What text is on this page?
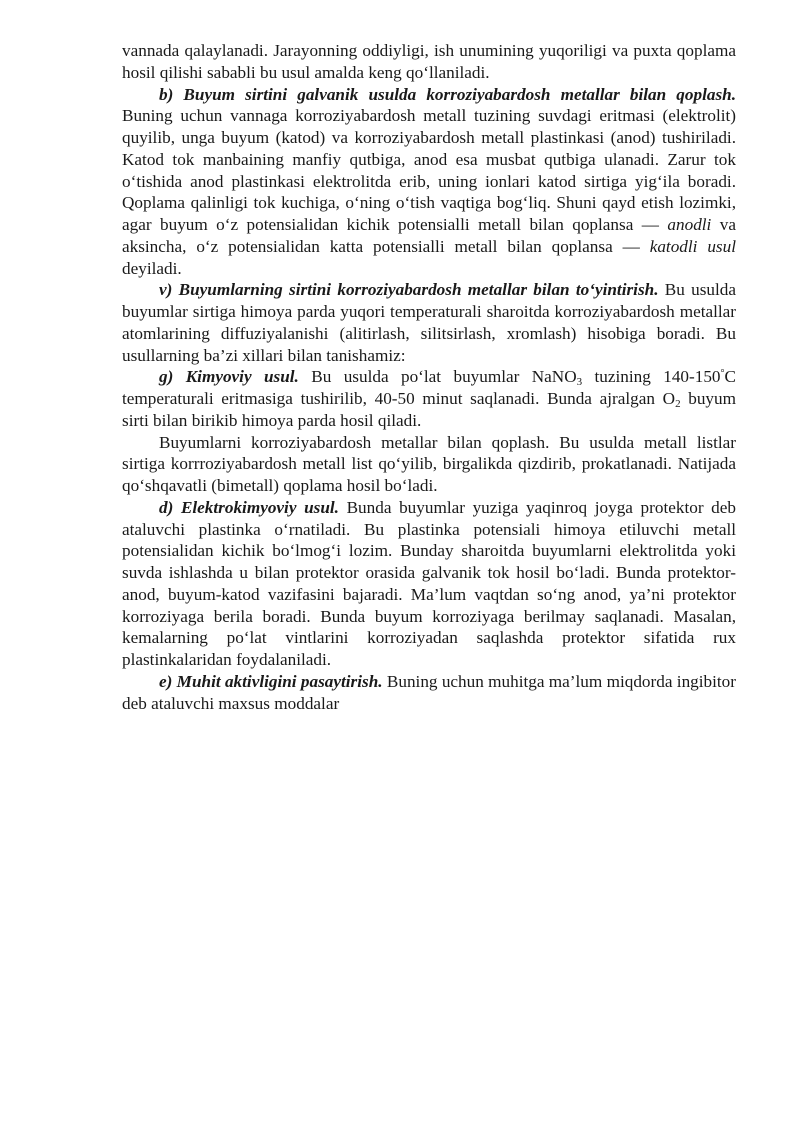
vannada qalaylanadi. Jarayonning oddiyligi, ish unumining yuqoriligi va puxta qoplama hosil qilishi sababli bu usul amalda keng qo‘llaniladi.

b) Buyum sirtini galvanik usulda korroziyabardosh metallar bilan qoplash. Buning uchun vannaga korroziyabardosh metall tuzining suvdagi eritmasi (elektrolit) quyilib, unga buyum (katod) va korroziyabardosh metall plastinkasi (anod) tushiriladi. Katod tok manbaining manfiy qutbiga, anod esa musbat qutbiga ulanadi. Zarur tok o‘tishida anod plastinkasi elektrolitda erib, uning ionlari katod sirtiga yig‘ila boradi. Qoplama qalinligi tok kuchiga, o‘ning o‘tish vaqtiga bog‘liq. Shuni qayd etish lozimki, agar buyum o‘z potensialidan kichik potensialli metall bilan qoplansa — anodli va aksincha, o‘z potensialidan katta potensialli metall bilan qoplansa — katodli usul deyiladi.

v) Buyumlarning sirtini korroziyabardosh metallar bilan to‘yintirish. Bu usulda buyumlar sirtiga himoya parda yuqori temperaturali sharoitda korroziyabardosh metallar atomlarining diffuziyalanishi (alitirlash, silitsirlash, xromlash) hisobiga boradi. Bu usullarning ba’zi xillari bilan tanishamiz:

g) Kimyoviy usul. Bu usulda po‘lat buyumlar NaNO$_3$ tuzining 140-150°C temperaturali eritmasiga tushirilib, 40-50 minut saqlanadi. Bunda ajralgan $O_2$ buyum sirti bilan birikib himoya parda hosil qiladi.

Buyumlarni korroziyabardosh metallar bilan qoplash. Bu usulda metall listlar sirtiga korrroziyabardosh metall list qo‘yilib, birgalikda qizdirib, prokatlanadi. Natijada qo‘shqavatli (bimetall) qoplama hosil bo‘ladi.

d) Elektrokimyoviy usul. Bunda buyumlar yuziga yaqinroq joyga protektor deb ataluvchi plastinka o‘rnatiladi. Bu plastinka potensiali himoya etiluvchi metall potensialidan kichik bo‘lmog‘i lozim. Bunday sharoitda buyumlarni elektrolitda yoki suvda ishlashda u bilan protektor orasida galvanik tok hosil bo‘ladi. Bunda protektor-anod, buyum-katod vazifasini bajaradi. Ma’lum vaqtdan so‘ng anod, ya’ni protektor korroziyaga berila boradi. Bunda buyum korroziyaga berilmay saqlanadi. Masalan, kemalarning po‘lat vintlarini korroziyadan saqlashda protektor sifatida rux plastinkalaridan foydalaniladi.

e) Muhit aktivligini pasaytirish. Buning uchun muhitga ma’lum miqdorda ingibitor deb ataluvchi maxsus moddalar
